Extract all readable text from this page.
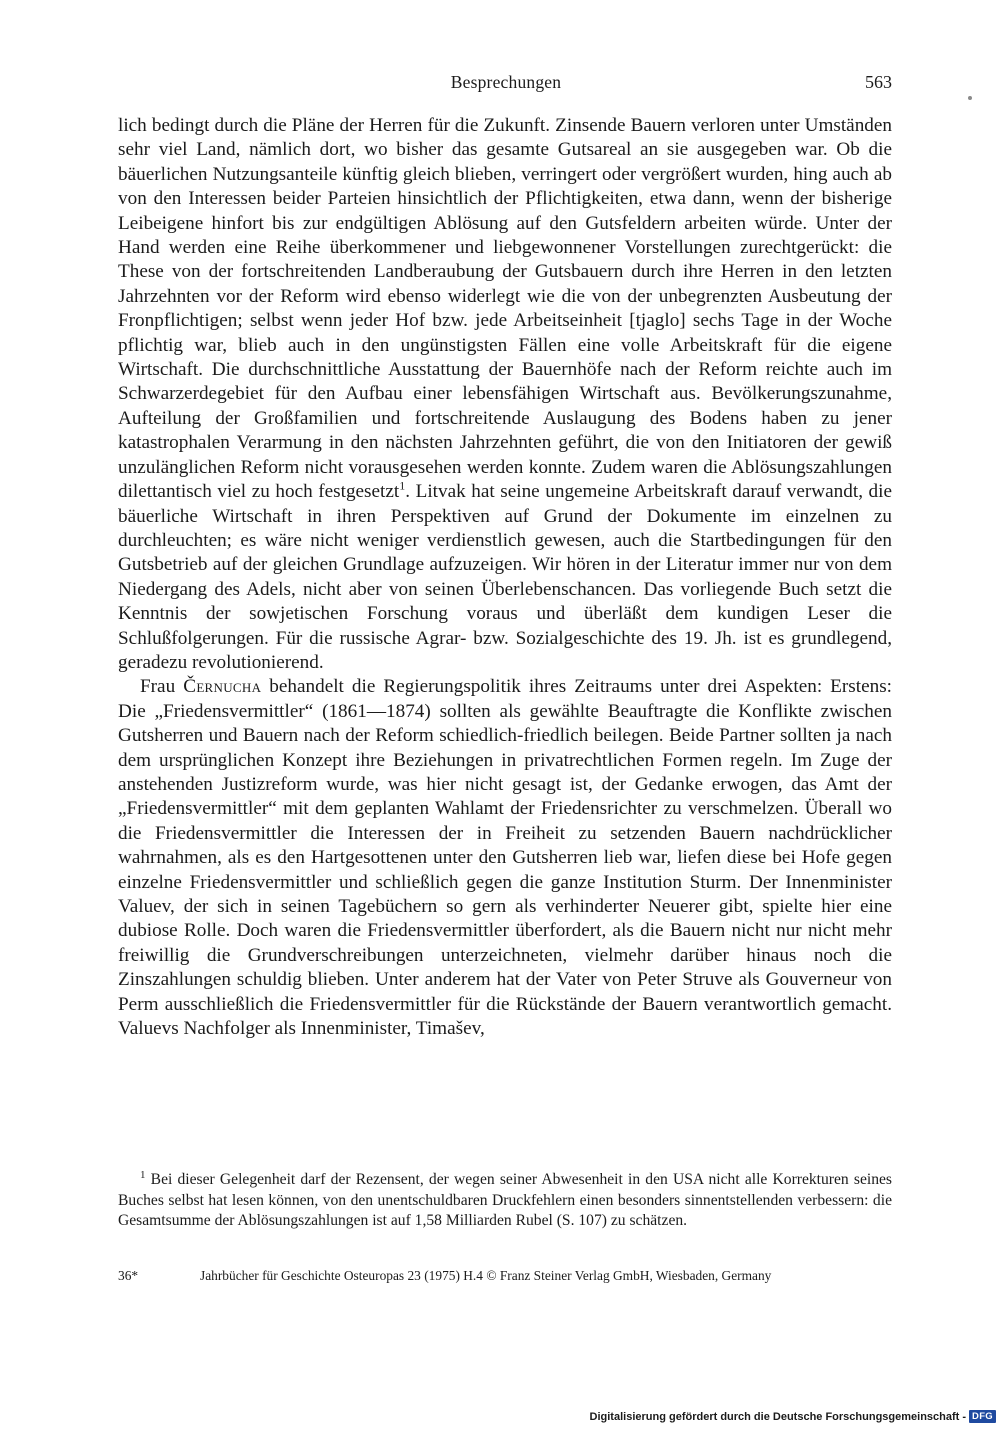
Besprechungen	563

lich bedingt durch die Pläne der Herren für die Zukunft. Zinsende Bauern verloren unter Umständen sehr viel Land, nämlich dort, wo bisher das gesamte Gutsareal an sie ausgegeben war. Ob die bäuerlichen Nutzungsanteile künftig gleich blieben, verringert oder vergrößert wurden, hing auch ab von den Interessen beider Parteien hinsichtlich der Pflichtigkeiten, etwa dann, wenn der bisherige Leibeigene hinfort bis zur endgültigen Ablösung auf den Gutsfeldern arbeiten würde. Unter der Hand werden eine Reihe überkommener und liebgewonnener Vorstellungen zurechtgerückt: die These von der fortschreitenden Landberaubung der Gutsbauern durch ihre Herren in den letzten Jahrzehnten vor der Reform wird ebenso widerlegt wie die von der unbegrenzten Ausbeutung der Fronpflichtigen; selbst wenn jeder Hof bzw. jede Arbeitseinheit [tjaglo] sechs Tage in der Woche pflichtig war, blieb auch in den ungünstigsten Fällen eine volle Arbeitskraft für die eigene Wirtschaft. Die durchschnittliche Ausstattung der Bauernhöfe nach der Reform reichte auch im Schwarzerdegebiet für den Aufbau einer lebensfähigen Wirtschaft aus. Bevölkerungszunahme, Aufteilung der Großfamilien und fortschreitende Auslaugung des Bodens haben zu jener katastrophalen Verarmung in den nächsten Jahrzehnten geführt, die von den Initiatoren der gewiß unzulänglichen Reform nicht vorausgesehen werden konnte. Zudem waren die Ablösungszahlungen dilettantisch viel zu hoch festgesetzt$^1$. Litvak hat seine ungemeine Arbeitskraft darauf verwandt, die bäuerliche Wirtschaft in ihren Perspektiven auf Grund der Dokumente im einzelnen zu durchleuchten; es wäre nicht weniger verdienstlich gewesen, auch die Startbedingungen für den Gutsbetrieb auf der gleichen Grundlage aufzuzeigen. Wir hören in der Literatur immer nur von dem Niedergang des Adels, nicht aber von seinen Überlebenschancen. Das vorliegende Buch setzt die Kenntnis der sowjetischen Forschung voraus und überläßt dem kundigen Leser die Schlußfolgerungen. Für die russische Agrar- bzw. Sozialgeschichte des 19. Jh. ist es grundlegend, geradezu revolutionierend.

Frau Černucha behandelt die Regierungspolitik ihres Zeitraums unter drei Aspekten: Erstens: Die „Friedensvermittler“ (1861—1874) sollten als gewählte Beauftragte die Konflikte zwischen Gutsherren und Bauern nach der Reform schiedlich-friedlich beilegen. Beide Partner sollten ja nach dem ursprünglichen Konzept ihre Beziehungen in privatrechtlichen Formen regeln. Im Zuge der anstehenden Justizreform wurde, was hier nicht gesagt ist, der Gedanke erwogen, das Amt der „Friedensvermittler“ mit dem geplanten Wahlamt der Friedensrichter zu verschmelzen. Überall wo die Friedensvermittler die Interessen der in Freiheit zu setzenden Bauern nachdrücklicher wahrnahmen, als es den Hartgesottenen unter den Gutsherren lieb war, liefen diese bei Hofe gegen einzelne Friedensvermittler und schließlich gegen die ganze Institution Sturm. Der Innenminister Valuev, der sich in seinen Tagebüchern so gern als verhinderter Neuerer gibt, spielte hier eine dubiose Rolle. Doch waren die Friedensvermittler überfordert, als die Bauern nicht nur nicht mehr freiwillig die Grundverschreibungen unterzeichneten, vielmehr darüber hinaus noch die Zinszahlungen schuldig blieben. Unter anderem hat der Vater von Peter Struve als Gouverneur von Perm ausschließlich die Friedensvermittler für die Rückstände der Bauern verantwortlich gemacht. Valuevs Nachfolger als Innenminister, Timašev,

$^1$ Bei dieser Gelegenheit darf der Rezensent, der wegen seiner Abwesenheit in den USA nicht alle Korrekturen seines Buches selbst hat lesen können, von den unentschuldbaren Druckfehlern einen besonders sinnentstellenden verbessern: die Gesamtsumme der Ablösungszahlungen ist auf 1,58 Milliarden Rubel (S. 107) zu schätzen.

36*	Jahrbücher für Geschichte Osteuropas 23 (1975) H.4 © Franz Steiner Verlag GmbH, Wiesbaden, Germany
Digitalisierung gefördert durch die Deutsche Forschungsgemeinschaft - DFG
